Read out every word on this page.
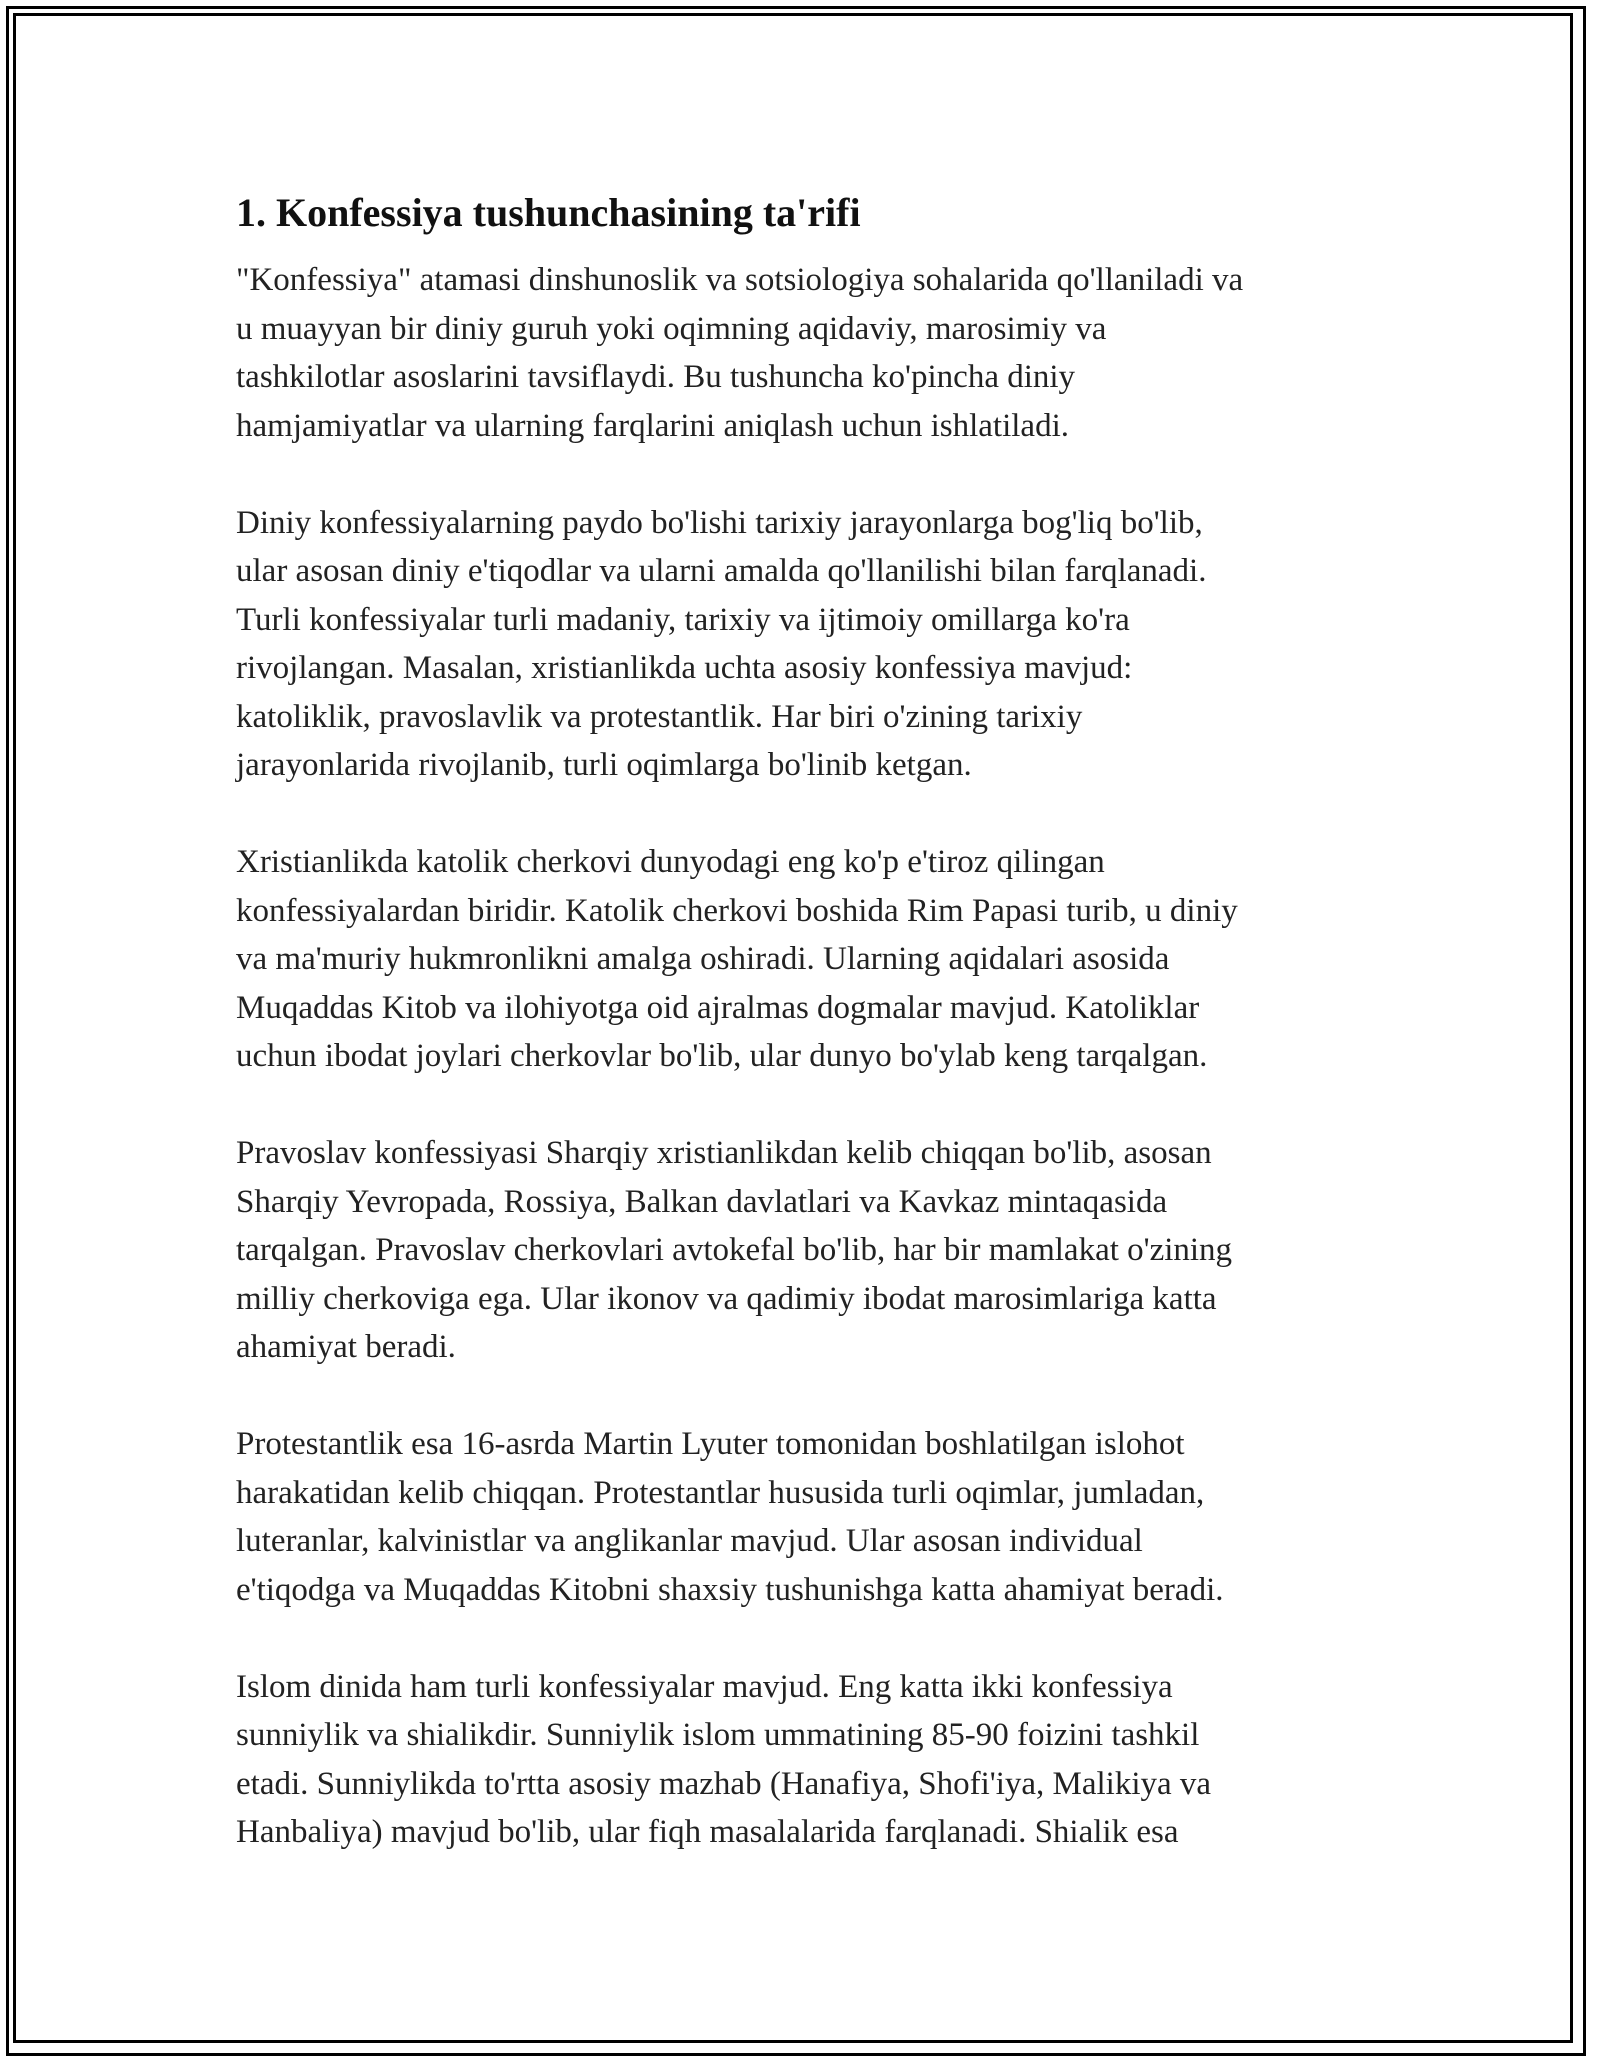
1. Konfessiya tushunchasining ta'rifi

"Konfessiya" atamasi dinshunoslik va sotsiologiya sohalarida qo'llaniladi va
u muayyan bir diniy guruh yoki oqimning aqidaviy, marosimiy va
tashkilotlar asoslarini tavsiflaydi. Bu tushuncha ko'pincha diniy
hamjamiyatlar va ularning farqlarini aniqlash uchun ishlatiladi.

Diniy konfessiyalarning paydo bo'lishi tarixiy jarayonlarga bog'liq bo'lib,
ular asosan diniy e'tiqodlar va ularni amalda qo'llanilishi bilan farqlanadi.
Turli konfessiyalar turli madaniy, tarixiy va ijtimoiy omillarga ko'ra
rivojlangan. Masalan, xristianlikda uchta asosiy konfessiya mavjud:
katoliklik, pravoslavlik va protestantlik. Har biri o'zining tarixiy
jarayonlarida rivojlanib, turli oqimlarga bo'linib ketgan.

Xristianlikda katolik cherkovi dunyodagi eng ko'p e'tiroz qilingan
konfessiyalardan biridir. Katolik cherkovi boshida Rim Papasi turib, u diniy
va ma'muriy hukmronlikni amalga oshiradi. Ularning aqidalari asosida
Muqaddas Kitob va ilohiyotga oid ajralmas dogmalar mavjud. Katoliklar
uchun ibodat joylari cherkovlar bo'lib, ular dunyo bo'ylab keng tarqalgan.

Pravoslav konfessiyasi Sharqiy xristianlikdan kelib chiqqan bo'lib, asosan
Sharqiy Yevropada, Rossiya, Balkan davlatlari va Kavkaz mintaqasida
tarqalgan. Pravoslav cherkovlari avtokefal bo'lib, har bir mamlakat o'zining
milliy cherkoviga ega. Ular ikonov va qadimiy ibodat marosimlariga katta
ahamiyat beradi.

Protestantlik esa 16-asrda Martin Lyuter tomonidan boshlatilgan islohot
harakatidan kelib chiqqan. Protestantlar hususida turli oqimlar, jumladan,
luteranlar, kalvinistlar va anglikanlar mavjud. Ular asosan individual
e'tiqodga va Muqaddas Kitobni shaxsiy tushunishga katta ahamiyat beradi.

Islom dinida ham turli konfessiyalar mavjud. Eng katta ikki konfessiya
sunniylik va shialikdir. Sunniylik islom ummatining 85-90 foizini tashkil
etadi. Sunniylikda to'rtta asosiy mazhab (Hanafiya, Shofi'iya, Malikiya va
Hanbaliya) mavjud bo'lib, ular fiqh masalalarida farqlanadi. Shialik esa
